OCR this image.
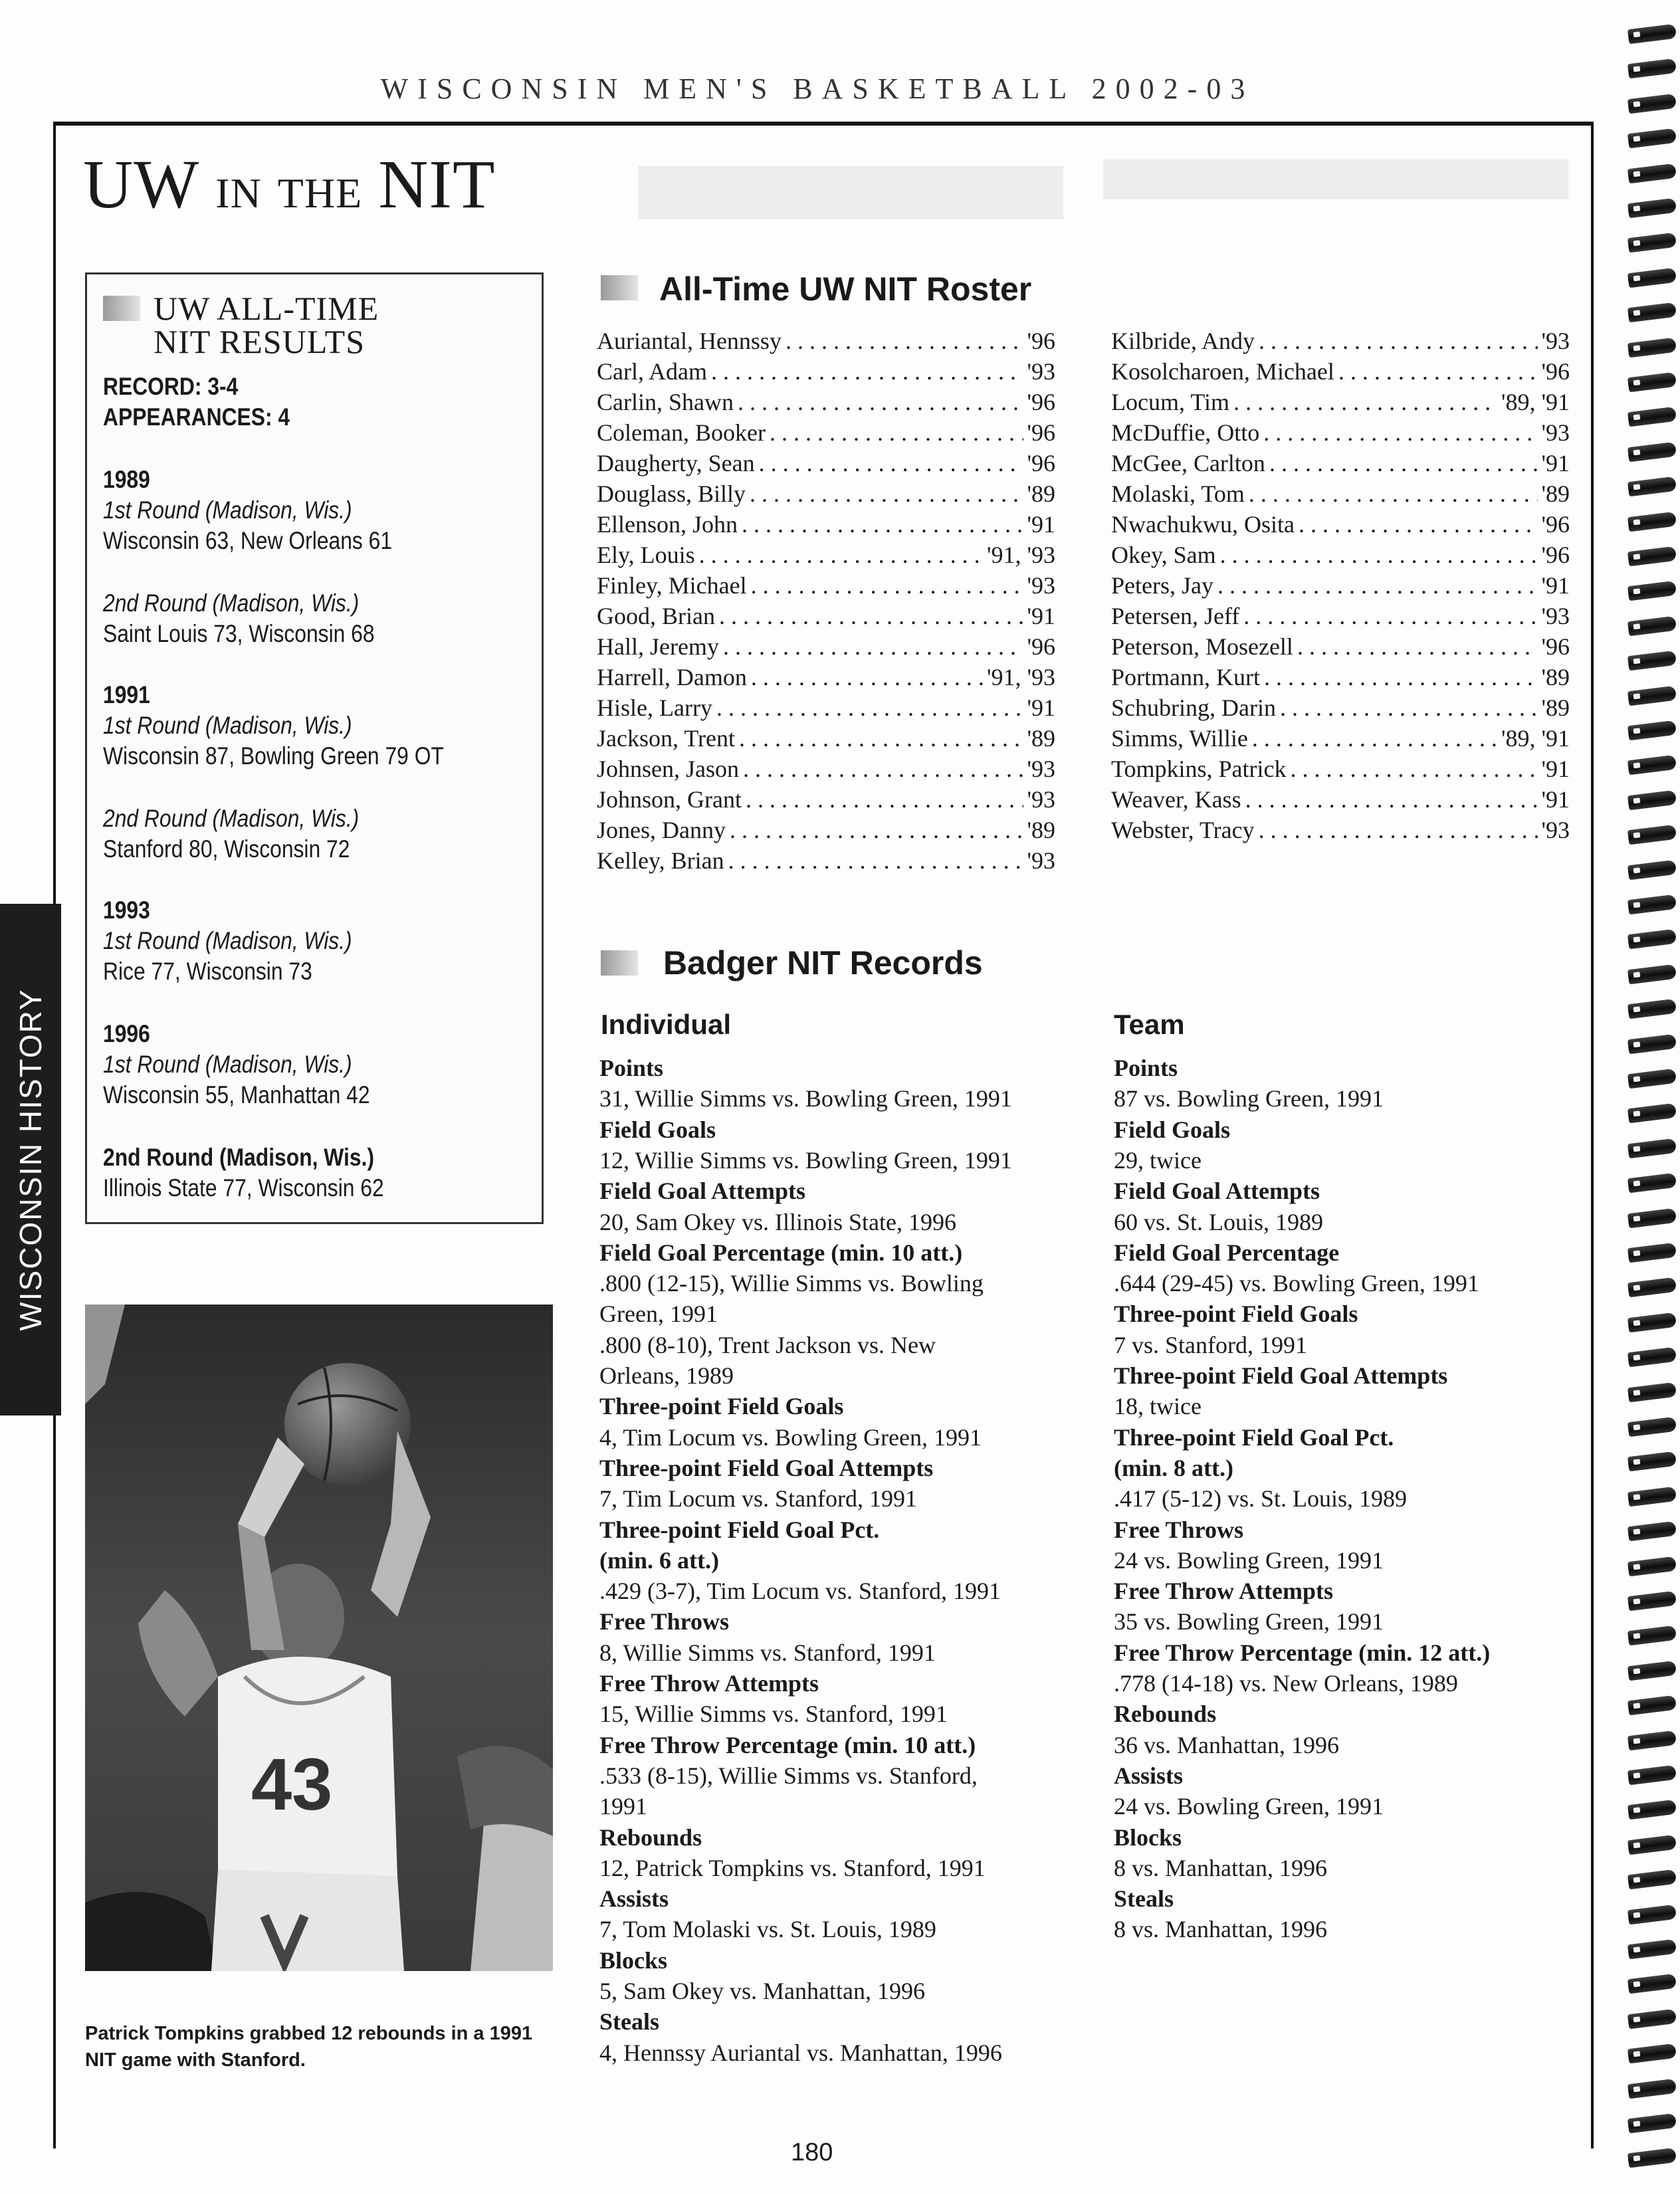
WISCONSIN MEN'S BASKETBALL 2002-03
UW in the NIT
WISCONSIN HISTORY
UW ALL-TIME
NIT RESULTS
RECORD: 3-4
APPEARANCES: 4
1989
1st Round (Madison, Wis.)
Wisconsin 63, New Orleans 61
2nd Round (Madison, Wis.)
Saint Louis 73, Wisconsin 68
1991
1st Round (Madison, Wis.)
Wisconsin 87, Bowling Green 79 OT
2nd Round (Madison, Wis.)
Stanford 80, Wisconsin 72
1993
1st Round (Madison, Wis.)
Rice 77, Wisconsin 73
1996
1st Round (Madison, Wis.)
Wisconsin 55, Manhattan 42
2nd Round (Madison, Wis.)
Illinois State 77, Wisconsin 62
43
Patrick Tompkins grabbed 12 rebounds in a 1991 NIT game with Stanford.
All-Time UW NIT Roster
Auriantal, Hennssy . . .	'96
Carl, Adam . . .	'93
Carlin, Shawn . . .	'96
Coleman, Booker . . .	'96
Daugherty, Sean . . .	'96
Douglass, Billy . . .	'89
Ellenson, John . . .	'91
Ely, Louis . . .	'91, '93
Finley, Michael . . .	'93
Good, Brian . . .	'91
Hall, Jeremy . . .	'96
Harrell, Damon . . .	'91, '93
Hisle, Larry . . .	'91
Jackson, Trent . . .	'89
Johnsen, Jason . . .	'93
Johnson, Grant . . .	'93
Jones, Danny . . .	'89
Kelley, Brian . . .	'93
Kilbride, Andy . . .	'93
Kosolcharoen, Michael . . .	'96
Locum, Tim . . .	'89, '91
McDuffie, Otto . . .	'93
McGee, Carlton . . .	'91
Molaski, Tom . . .	'89
Nwachukwu, Osita . . .	'96
Okey, Sam . . .	'96
Peters, Jay . . .	'91
Petersen, Jeff . . .	'93
Peterson, Mosezell . . .	'96
Portmann, Kurt . . .	'89
Schubring, Darin . . .	'89
Simms, Willie . . .	'89, '91
Tompkins, Patrick . . .	'91
Weaver, Kass . . .	'91
Webster, Tracy . . .	'93
Badger NIT Records
Individual	Team
Points
31, Willie Simms vs. Bowling Green, 1991
Field Goals
12, Willie Simms vs. Bowling Green, 1991
Field Goal Attempts
20, Sam Okey vs. Illinois State, 1996
Field Goal Percentage (min. 10 att.)
.800 (12-15), Willie Simms vs. Bowling
Green, 1991
.800 (8-10), Trent Jackson vs. New
Orleans, 1989
Three-point Field Goals
4, Tim Locum vs. Bowling Green, 1991
Three-point Field Goal Attempts
7, Tim Locum vs. Stanford, 1991
Three-point Field Goal Pct.
(min. 6 att.)
.429 (3-7), Tim Locum vs. Stanford, 1991
Free Throws
8, Willie Simms vs. Stanford, 1991
Free Throw Attempts
15, Willie Simms vs. Stanford, 1991
Free Throw Percentage (min. 10 att.)
.533 (8-15), Willie Simms vs. Stanford,
1991
Rebounds
12, Patrick Tompkins vs. Stanford, 1991
Assists
7, Tom Molaski vs. St. Louis, 1989
Blocks
5, Sam Okey vs. Manhattan, 1996
Steals
4, Hennssy Auriantal vs. Manhattan, 1996
Points
87 vs. Bowling Green, 1991
Field Goals
29, twice
Field Goal Attempts
60 vs. St. Louis, 1989
Field Goal Percentage
.644 (29-45) vs. Bowling Green, 1991
Three-point Field Goals
7 vs. Stanford, 1991
Three-point Field Goal Attempts
18, twice
Three-point Field Goal Pct.
(min. 8 att.)
.417 (5-12) vs. St. Louis, 1989
Free Throws
24 vs. Bowling Green, 1991
Free Throw Attempts
35 vs. Bowling Green, 1991
Free Throw Percentage (min. 12 att.)
.778 (14-18) vs. New Orleans, 1989
Rebounds
36 vs. Manhattan, 1996
Assists
24 vs. Bowling Green, 1991
Blocks
8 vs. Manhattan, 1996
Steals
8 vs. Manhattan, 1996
180
